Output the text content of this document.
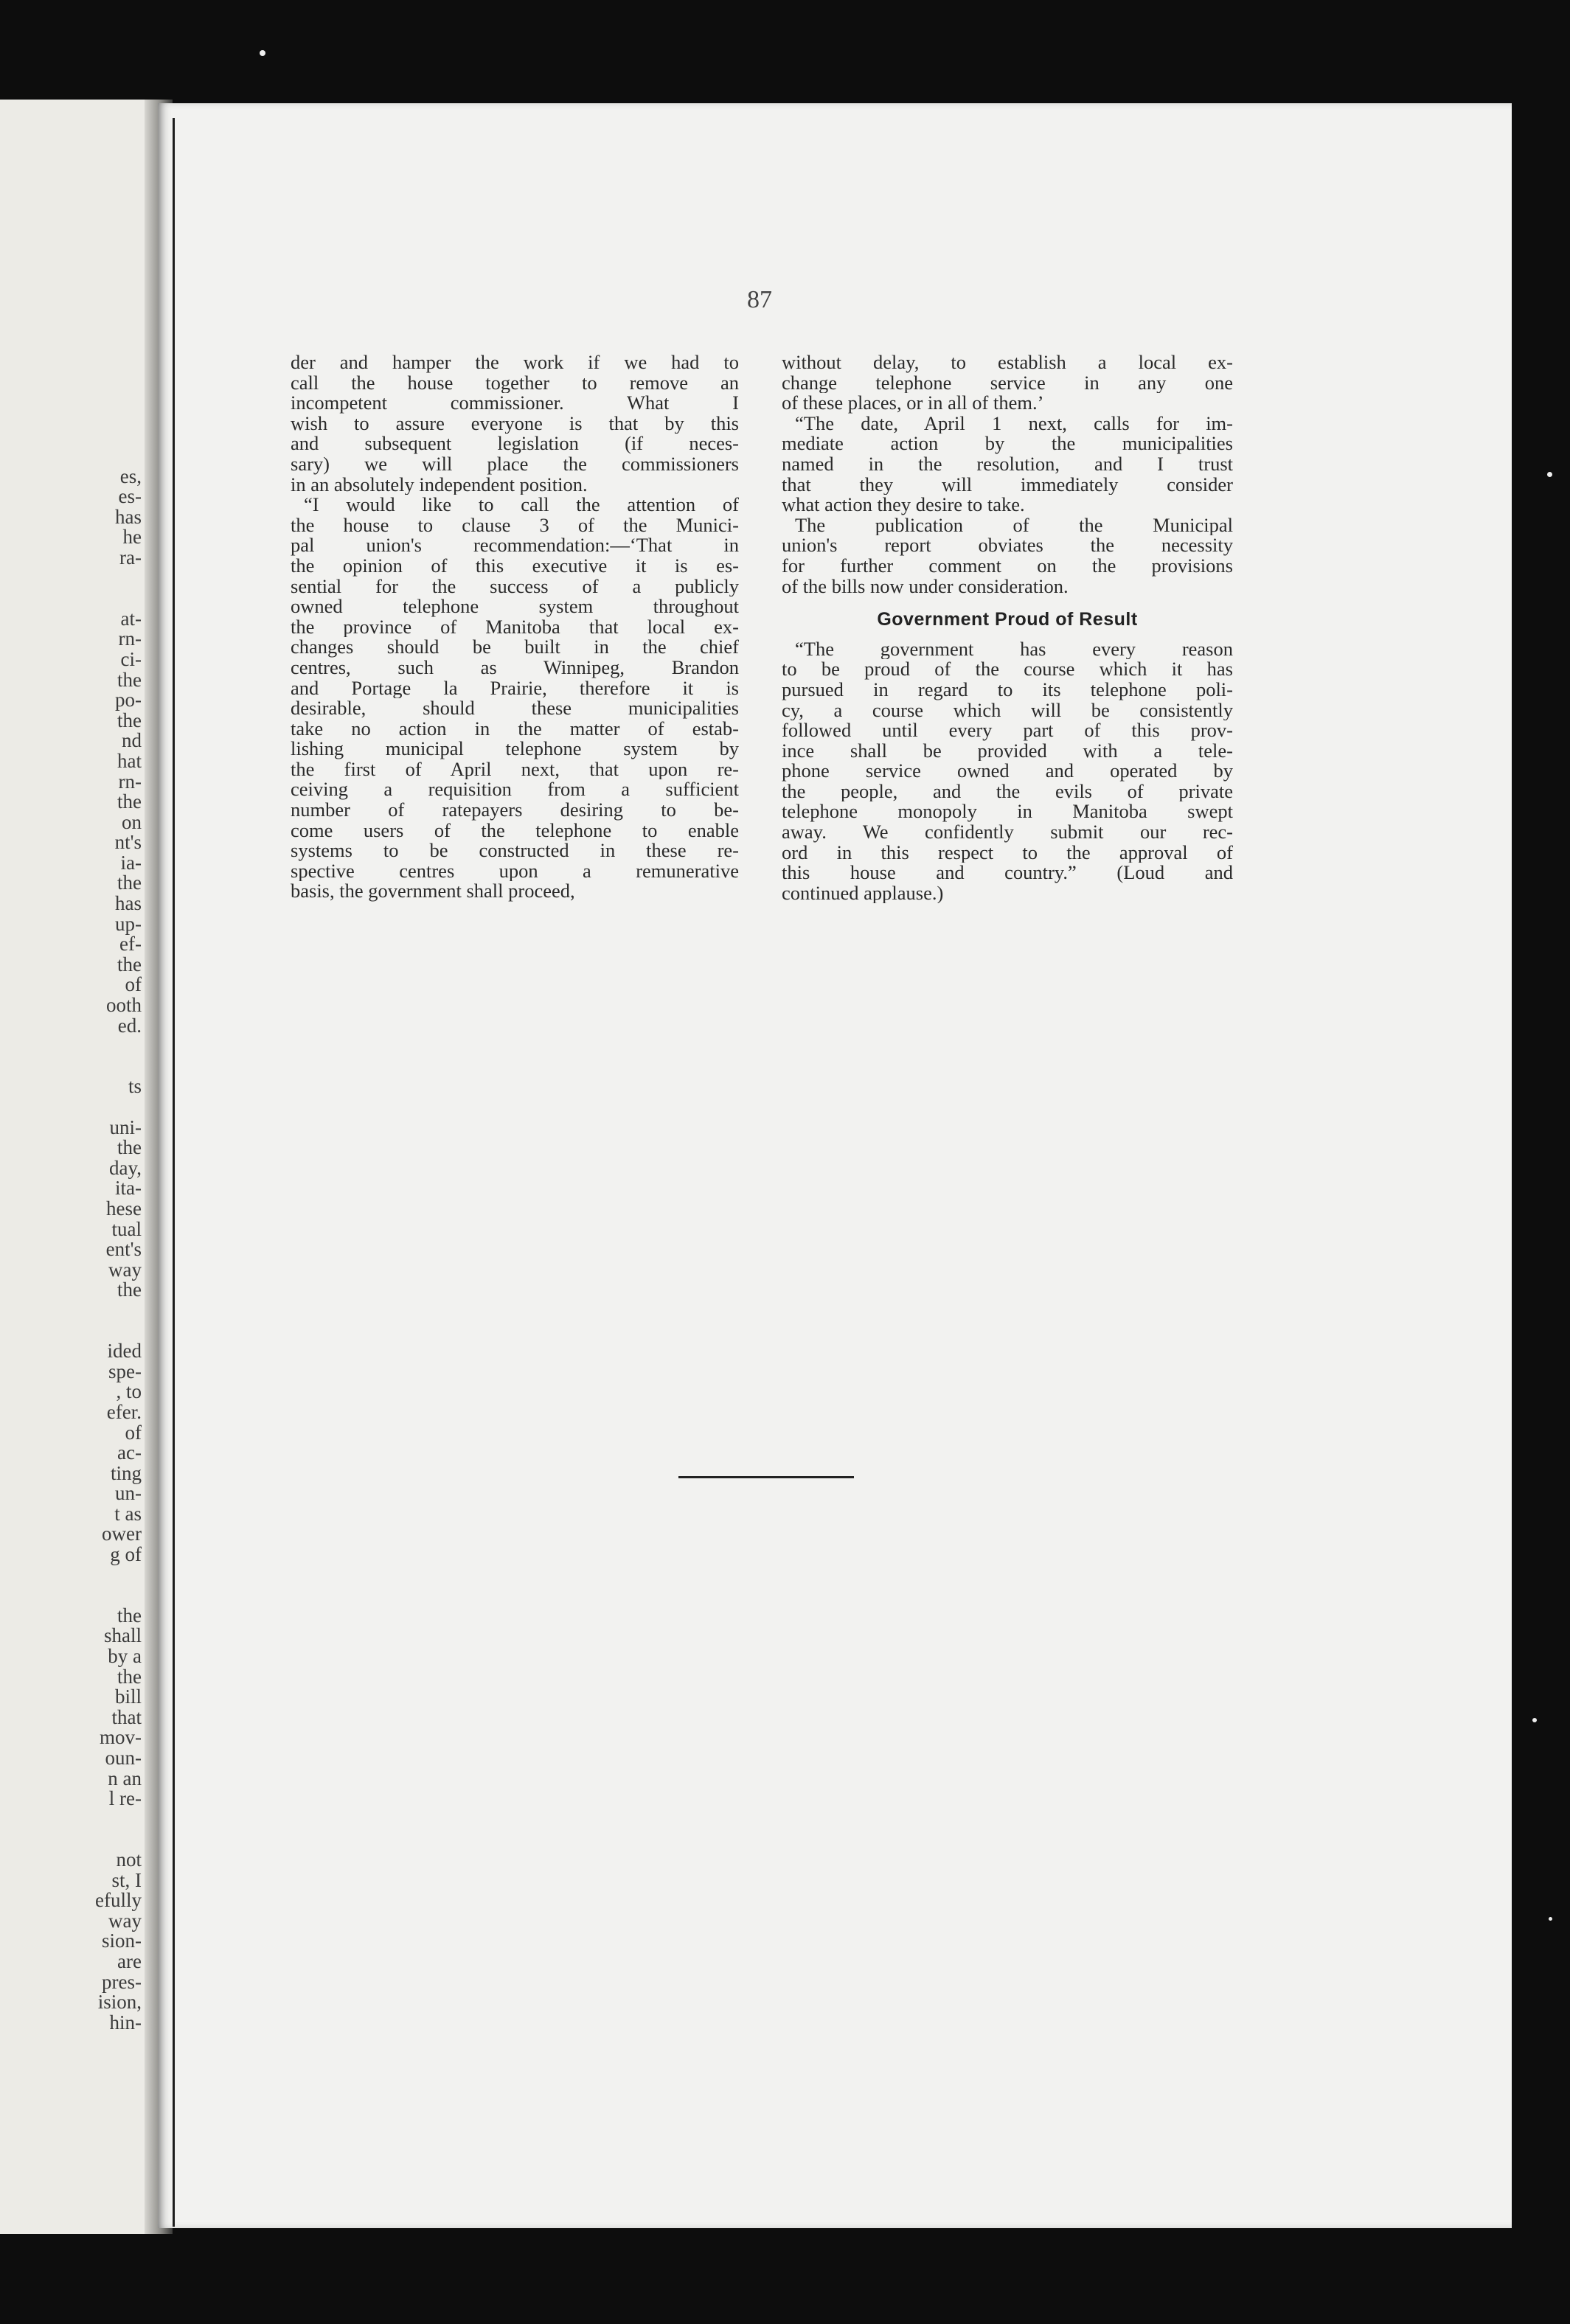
es,
es-
has
he
ra-
at-
rn-
ci-
the
po-
the
nd
hat
rn-
the
on
nt's
ia-
the
has
up-
ef-
the
of
ooth
ed.
ts
uni-
the
day,
ita-
hese
tual
ent's
way
the
ided
spe-
, to
efer.
of
ac-
ting
un-
t as
ower
g of
the
shall
by a
the
bill
that
mov-
oun-
n an
l re-
not
st, I
efully
way
sion-
are
pres-
ision,
hin-
87
der and hamper the work if we had to
call the house together to remove an
incompetent commissioner. What I
wish to assure everyone is that by this
and subsequent legislation (if neces-
sary) we will place the commissioners
in an absolutely independent position.
“I would like to call the attention of
the house to clause 3 of the Munici-
pal union's recommendation:—‘That in
the opinion of this executive it is es-
sential for the success of a publicly
owned telephone system throughout
the province of Manitoba that local ex-
changes should be built in the chief
centres, such as Winnipeg, Brandon
and Portage la Prairie, therefore it is
desirable, should these municipalities
take no action in the matter of estab-
lishing municipal telephone system by
the first of April next, that upon re-
ceiving a requisition from a sufficient
number of ratepayers desiring to be-
come users of the telephone to enable
systems to be constructed in these re-
spective centres upon a remunerative
basis, the government shall proceed,
without delay, to establish a local ex-
change telephone service in any one
of these places, or in all of them.’
“The date, April 1 next, calls for im-
mediate action by the municipalities
named in the resolution, and I trust
that they will immediately consider
what action they desire to take.
The publication of the Municipal
union's report obviates the necessity
for further comment on the provisions
of the bills now under consideration.
Government Proud of Result
“The government has every reason
to be proud of the course which it has
pursued in regard to its telephone poli-
cy, a course which will be consistently
followed until every part of this prov-
ince shall be provided with a tele-
phone service owned and operated by
the people, and the evils of private
telephone monopoly in Manitoba swept
away. We confidently submit our rec-
ord in this respect to the approval of
this house and country.” (Loud and
continued applause.)
